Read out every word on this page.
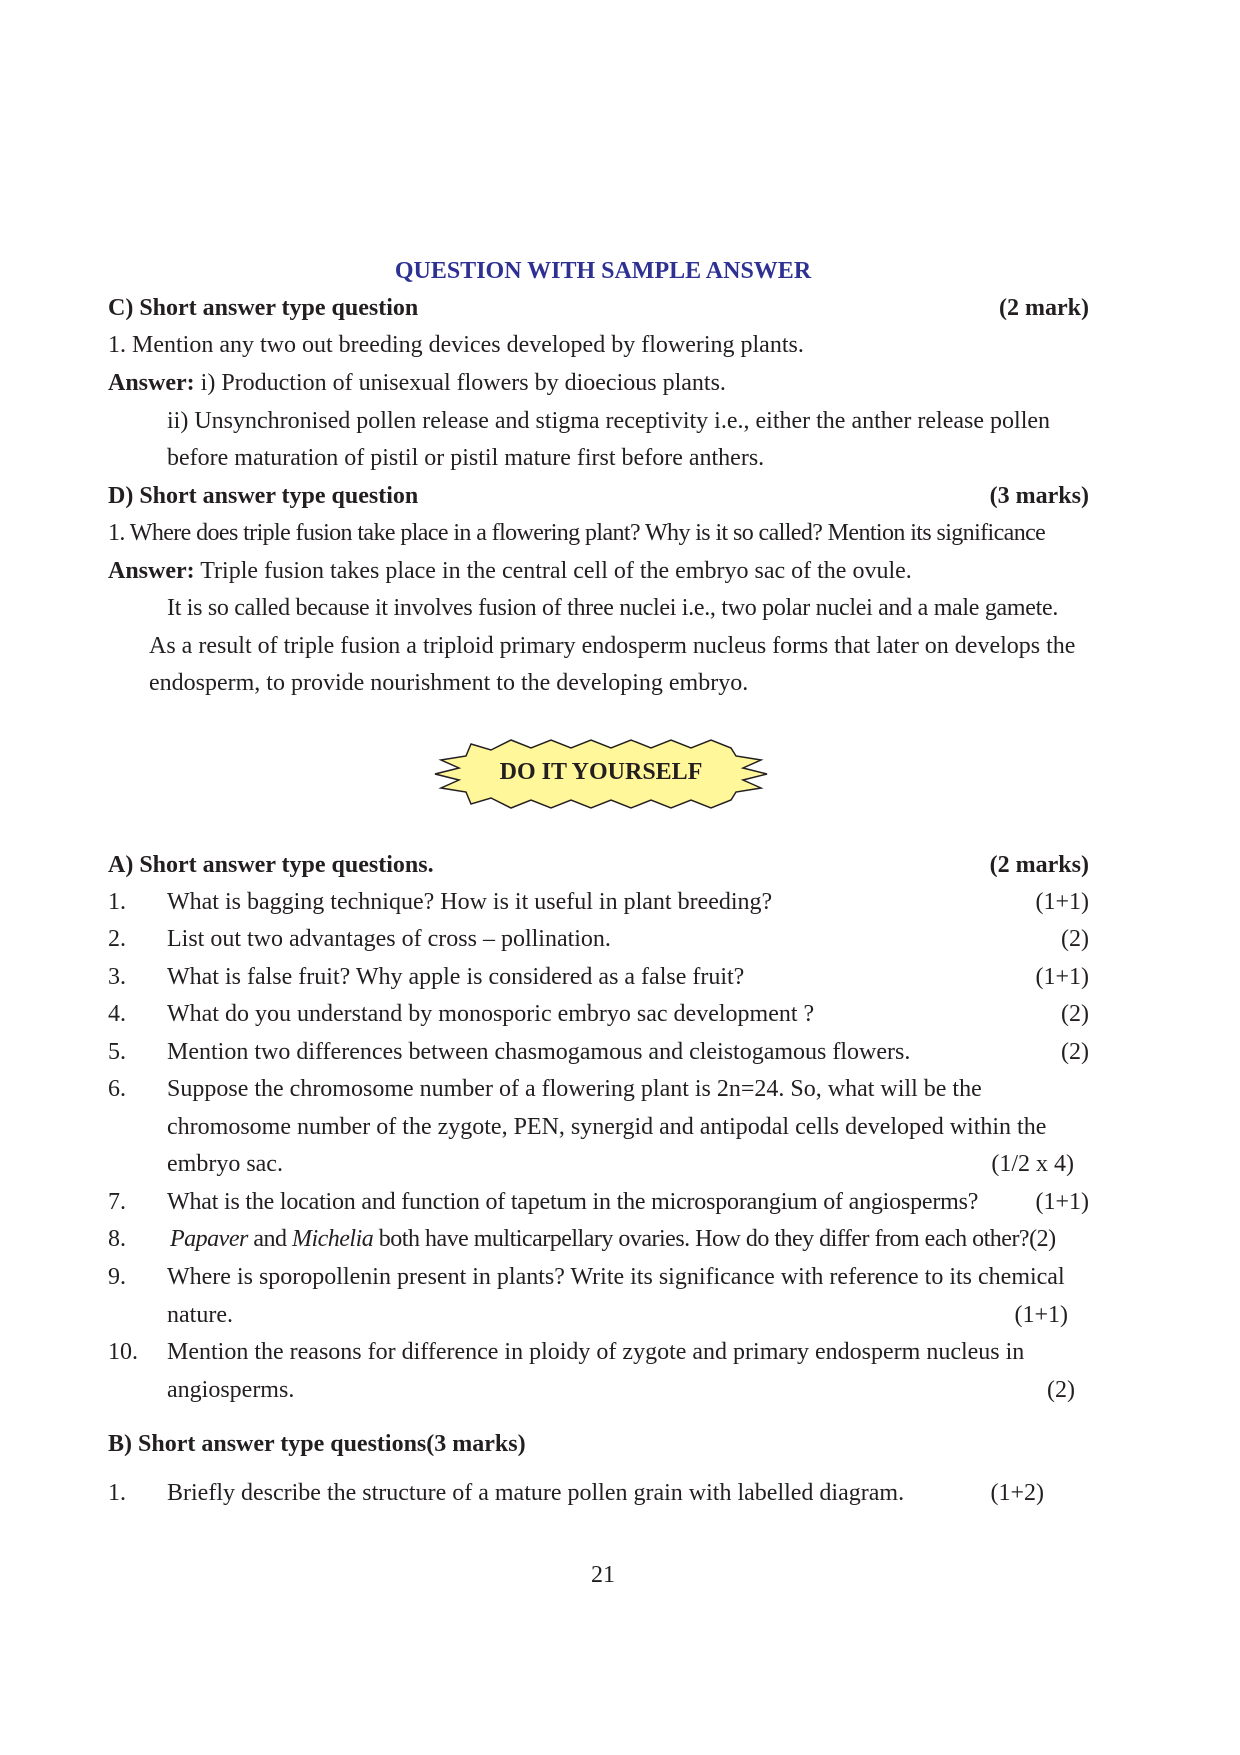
QUESTION WITH SAMPLE ANSWER
C) Short answer type question	(2 mark)
1. Mention any two out breeding devices developed by flowering plants.
Answer: i) Production of unisexual flowers by dioecious plants.
ii) Unsynchronised pollen release and stigma receptivity i.e., either the anther release pollen
before maturation of pistil or pistil mature first before anthers.
D) Short answer type question	(3 marks)
1. Where does triple fusion take place in a flowering plant? Why is it so called? Mention its significance
Answer: Triple fusion takes place in the central cell of the embryo sac of the ovule.
It is so called because it involves fusion of three nuclei i.e., two polar nuclei and a male gamete.
As a result of triple fusion a triploid primary endosperm nucleus forms that later on develops the
endosperm, to provide nourishment to the developing embryo.
DO IT YOURSELF
A) Short answer type questions.	(2 marks)
1. What is bagging technique? How is it useful in plant breeding?	(1+1)
2. List out two advantages of cross – pollination.	(2)
3. What is false fruit? Why apple is considered as a false fruit?	(1+1)
4. What do you understand by monosporic embryo sac development ?	(2)
5. Mention two differences between chasmogamous and cleistogamous flowers.	(2)
6. Suppose the chromosome number of a flowering plant is 2n=24. So, what will be the
chromosome number of the zygote, PEN, synergid and antipodal cells developed within the
embryo sac.	(1/2 x 4)
7. What is the location and function of tapetum in the microsporangium of angiosperms? (1+1)
8. Papaver and Michelia both have multicarpellary ovaries. How do they differ from each other?(2)
9. Where is sporopollenin present in plants? Write its significance with reference to its chemical
nature.	(1+1)
10. Mention the reasons for difference in ploidy of zygote and primary endosperm nucleus in
angiosperms.	(2)
B) Short answer type questions(3 marks)
1. Briefly describe the structure of a mature pollen grain with labelled diagram.	(1+2)
21
